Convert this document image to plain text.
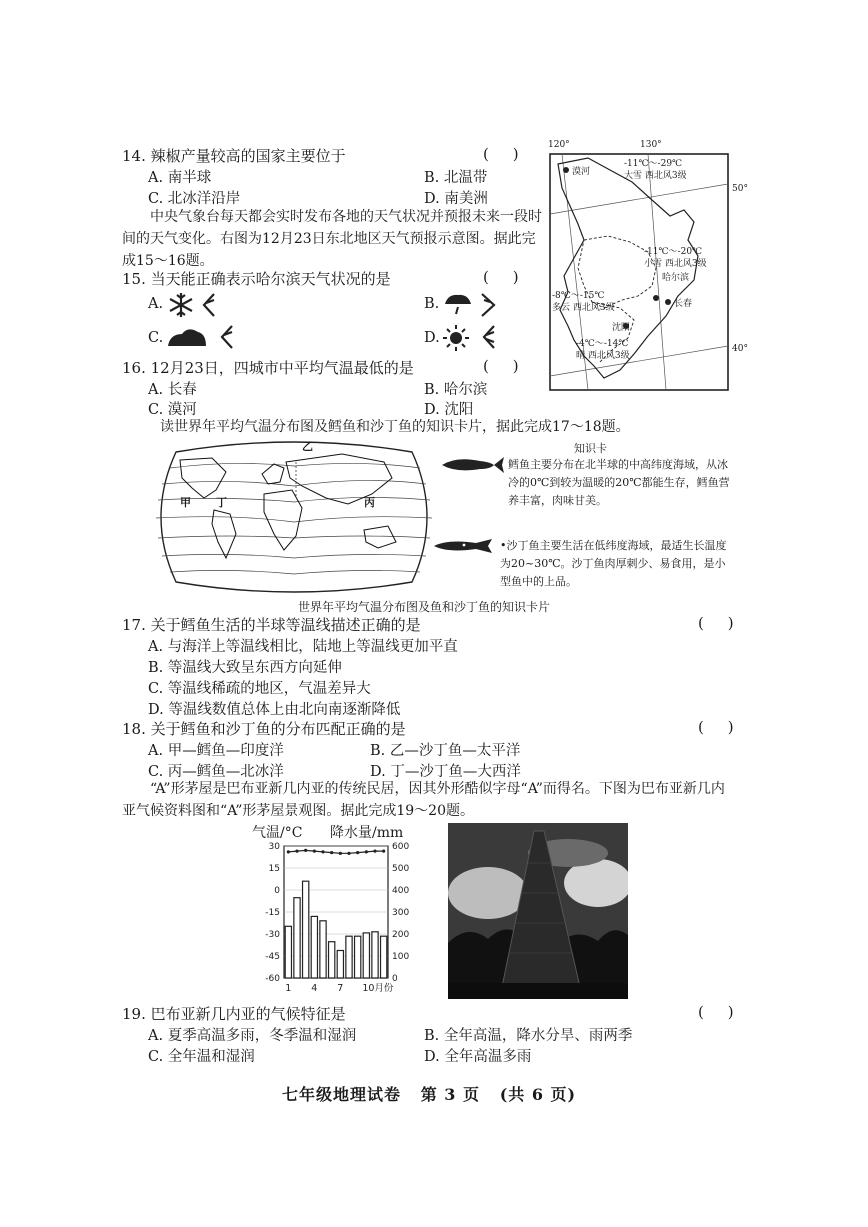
14. 辣椒产量较高的国家主要位于	(     )
A. 南半球	B. 北温带
C. 北冰洋沿岸	D. 南美洲
中央气象台每天都会实时发布各地的天气状况并预报未来一段时间的天气变化。右图为12月23日东北地区天气预报示意图。据此完成15～16题。
15. 当天能正确表示哈尔滨天气状况的是	(     )
A.	B.
C.	D.
16. 12月23日，四城市中平均气温最低的是	(     )
A. 长春	B. 哈尔滨
C. 漠河	D. 沈阳
120°	130°
50°
40°
漠河
-11℃～-29℃
大雪 西北风3级
-11℃～-20℃
小雪 西北风3级
哈尔滨
-8℃～-15℃
多云 西北风3级	长春
沈阳
-4℃～-14℃
晴 西北风3级
读世界年平均气温分布图及鳕鱼和沙丁鱼的知识卡片，据此完成17～18题。
乙
甲 丁	丙
知识卡
鳕鱼主要分布在北半球的中高纬度海域，从冰冷的0℃到较为温暖的20℃都能生存，鳕鱼营养丰富，肉味甘美。
•沙丁鱼主要生活在低纬度海域，最适生长温度为20~30℃。沙丁鱼肉厚刺少、易食用，是小型鱼中的上品。
世界年平均气温分布图及鱼和沙丁鱼的知识卡片
17. 关于鳕鱼生活的半球等温线描述正确的是	(     )
A. 与海洋上等温线相比，陆地上等温线更加平直
B. 等温线大致呈东西方向延伸
C. 等温线稀疏的地区，气温差异大
D. 等温线数值总体上由北向南逐渐降低
18. 关于鳕鱼和沙丁鱼的分布匹配正确的是	(     )
A. 甲—鳕鱼—印度洋	B. 乙—沙丁鱼—太平洋
C. 丙—鳕鱼—北冰洋	D. 丁—沙丁鱼—大西洋
“A”形茅屋是巴布亚新几内亚的传统民居，因其外形酷似字母“A”而得名。下图为巴布亚新几内亚气候资料图和“A”形茅屋景观图。据此完成19～20题。
气温/°C 降水量/mm
30
15
0
-15
-30
-45
-60
600
500
400
300
200
100
0
1 4 7 10月份
19. 巴布亚新几内亚的气候特征是	(     )
A. 夏季高温多雨，冬季温和湿润	B. 全年高温，降水分旱、雨两季
C. 全年温和湿润	D. 全年高温多雨
七年级地理试卷   第 3 页   (共 6 页)
